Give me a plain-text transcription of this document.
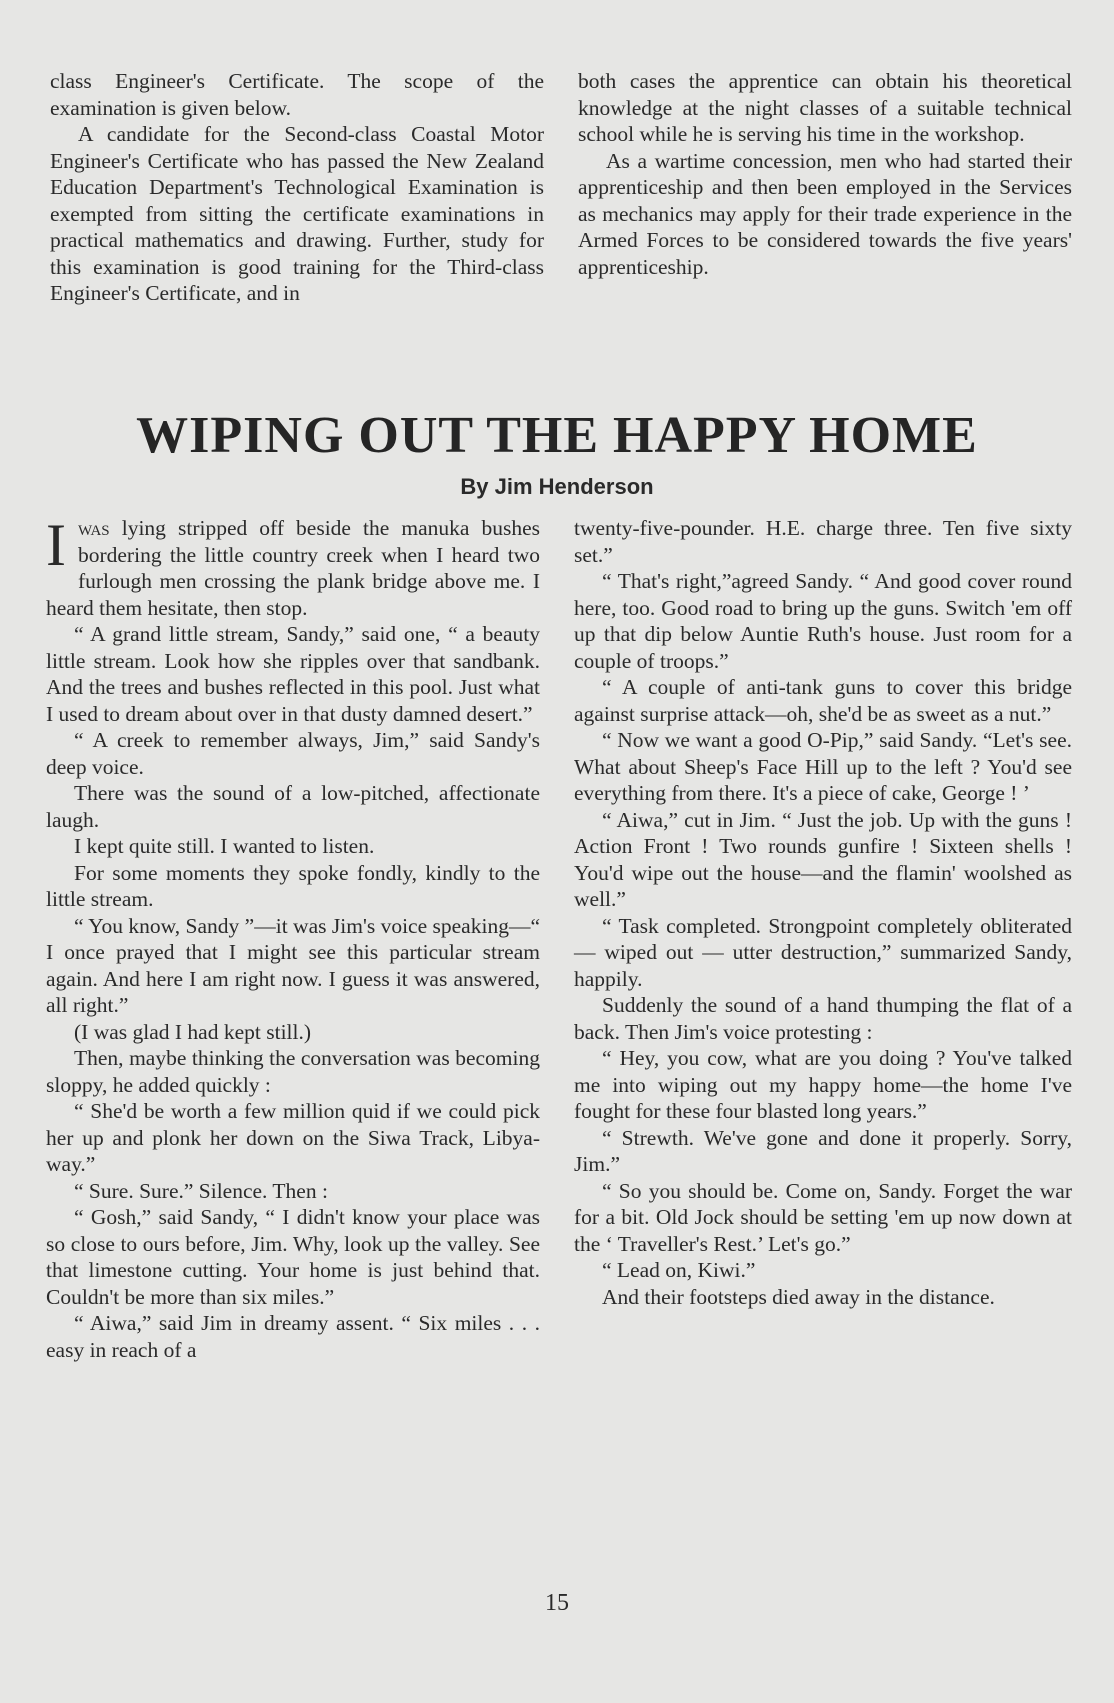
class Engineer's Certificate. The scope of the examination is given below.

A candidate for the Second-class Coastal Motor Engineer's Certificate who has passed the New Zealand Education Department's Technological Examination is exempted from sitting the certificate examinations in practical mathematics and drawing. Further, study for this examination is good training for the Third-class Engineer's Certificate, and in

both cases the apprentice can obtain his theoretical knowledge at the night classes of a suitable technical school while he is serving his time in the workshop.

As a wartime concession, men who had started their apprenticeship and then been employed in the Services as mechanics may apply for their trade experience in the Armed Forces to be considered towards the five years' apprenticeship.

WIPING OUT THE HAPPY HOME
By Jim Henderson

Iwas lying stripped off beside the manuka bushes bordering the little country creek when I heard two furlough men crossing the plank bridge above me. I heard them hesitate, then stop.

“ A grand little stream, Sandy,” said one, “ a beauty little stream. Look how she ripples over that sandbank. And the trees and bushes reflected in this pool. Just what I used to dream about over in that dusty damned desert.”

“ A creek to remember always, Jim,” said Sandy's deep voice.

There was the sound of a low-pitched, affectionate laugh.

I kept quite still. I wanted to listen.

For some moments they spoke fondly, kindly to the little stream.

“ You know, Sandy ”—it was Jim's voice speaking—“ I once prayed that I might see this particular stream again. And here I am right now. I guess it was answered, all right.”

(I was glad I had kept still.)

Then, maybe thinking the conversation was becoming sloppy, he added quickly :

“ She'd be worth a few million quid if we could pick her up and plonk her down on the Siwa Track, Libya-way.”

“ Sure. Sure.” Silence. Then :

“ Gosh,” said Sandy, “ I didn't know your place was so close to ours before, Jim. Why, look up the valley. See that limestone cutting. Your home is just behind that. Couldn't be more than six miles.”

“ Aiwa,” said Jim in dreamy assent. “ Six miles . . . easy in reach of a

twenty-five-pounder. H.E. charge three. Ten five sixty set.”

“ That's right,”agreed Sandy. “ And good cover round here, too. Good road to bring up the guns. Switch 'em off up that dip below Auntie Ruth's house. Just room for a couple of troops.”

“ A couple of anti-tank guns to cover this bridge against surprise attack—oh, she'd be as sweet as a nut.”

“ Now we want a good O-Pip,” said Sandy. “Let's see. What about Sheep's Face Hill up to the left ? You'd see everything from there. It's a piece of cake, George ! ’

“ Aiwa,” cut in Jim. “ Just the job. Up with the guns ! Action Front ! Two rounds gunfire ! Sixteen shells ! You'd wipe out the house—and the flamin' woolshed as well.”

“ Task completed. Strongpoint completely obliterated — wiped out — utter destruction,” summarized Sandy, happily.

Suddenly the sound of a hand thumping the flat of a back. Then Jim's voice protesting :

“ Hey, you cow, what are you doing ? You've talked me into wiping out my happy home—the home I've fought for these four blasted long years.”

“ Strewth. We've gone and done it properly. Sorry, Jim.”

“ So you should be. Come on, Sandy. Forget the war for a bit. Old Jock should be setting 'em up now down at the ‘ Traveller's Rest.’ Let's go.”

“ Lead on, Kiwi.”

And their footsteps died away in the distance.

15
